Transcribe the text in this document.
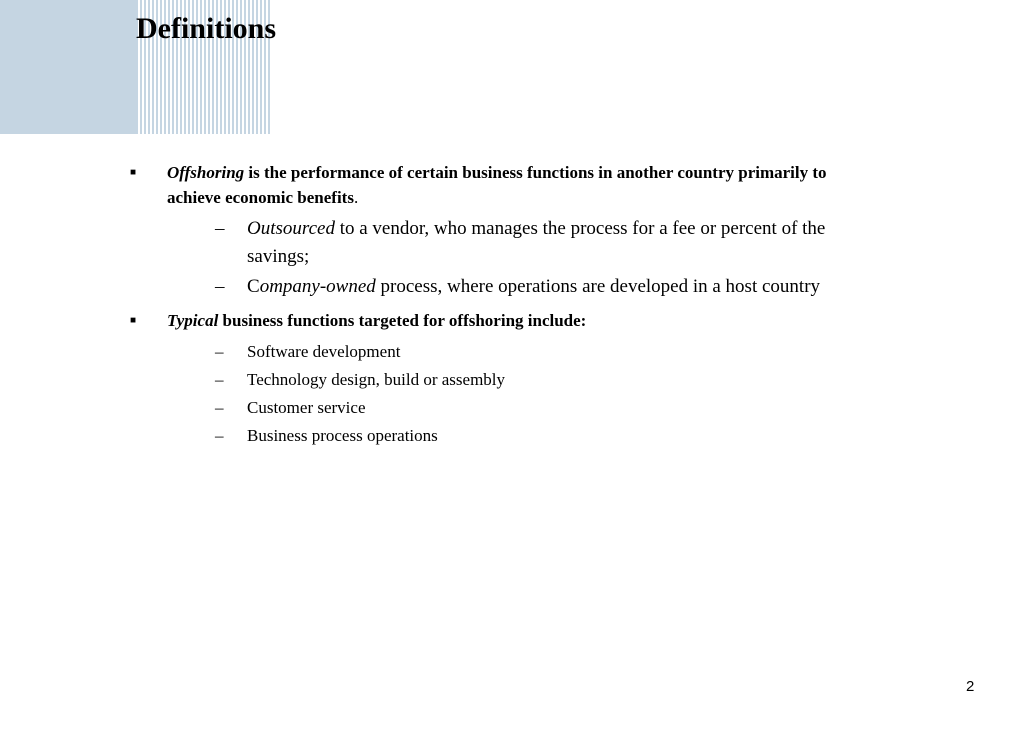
Definitions
■ Offshoring is the performance of certain business functions in another country primarily to achieve economic benefits.
– Outsourced to a vendor, who manages the process for a fee or percent of the savings;
– Company-owned process, where operations are developed in a host country
■ Typical business functions targeted for offshoring include:
– Software development
– Technology design, build or assembly
– Customer service
– Business process operations
2
